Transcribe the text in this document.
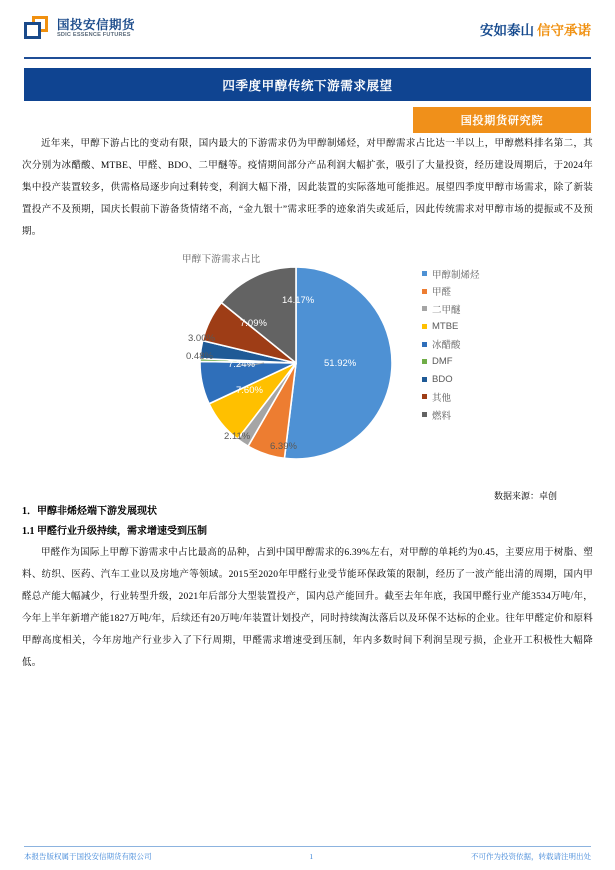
国投安信期货
SDIC ESSENCE FUTURES	安如泰山 信守承诺
四季度甲醇传统下游需求展望
国投期货研究院

近年来，甲醇下游占比的变动有限，国内最大的下游需求仍为甲醇制烯烃，对甲醇需求占比达一半以上，甲醇燃料排名第二，其次分别为冰醋酸、MTBE、甲醛、BDO、二甲醚等。疫情期间部分产品利润大幅扩张，吸引了大量投资，经历建设周期后，于2024年集中投产装置较多，供需格局逐步向过剩转变，利润大幅下滑，因此装置的实际落地可能推迟。展望四季度甲醇市场需求，除了新装置投产不及预期，国庆长假前下游备货情绪不高，“金九银十”需求旺季的迹象消失或延后，因此传统需求对甲醇市场的提振或不及预期。

甲醇下游需求占比
51.92%
6.39%
2.11%
7.60%
7.24%
0.48%
3.00%
7.09%
14.17%
甲醇制烯烃
甲醛
二甲醚
MTBE
冰醋酸
DMF
BDO
其他
燃料
数据来源：卓创
1．甲醇非烯烃端下游发展现状
1.1 甲醛行业升级持续，需求增速受到压制

甲醛作为国际上甲醇下游需求中占比最高的品种，占到中国甲醇需求的6.39%左右，对甲醇的单耗约为0.45，主要应用于树脂、塑料、纺织、医药、汽车工业以及房地产等领域。2015至2020年甲醛行业受节能环保政策的限制，经历了一波产能出清的周期，国内甲醛总产能大幅减少，行业转型升级，2021年后部分大型装置投产，国内总产能回升。截至去年年底，我国甲醛行业产能3534万吨/年，今年上半年新增产能1827万吨/年，后续还有20万吨/年装置计划投产，同时持续淘汰落后以及环保不达标的企业。往年甲醛定价和原料甲醇高度相关，今年房地产行业步入了下行周期，甲醛需求增速受到压制，年内多数时间下利润呈现亏损，企业开工积极性大幅降低。

本报告版权属于国投安信期货有限公司	1	不可作为投资依据，转载请注明出处
